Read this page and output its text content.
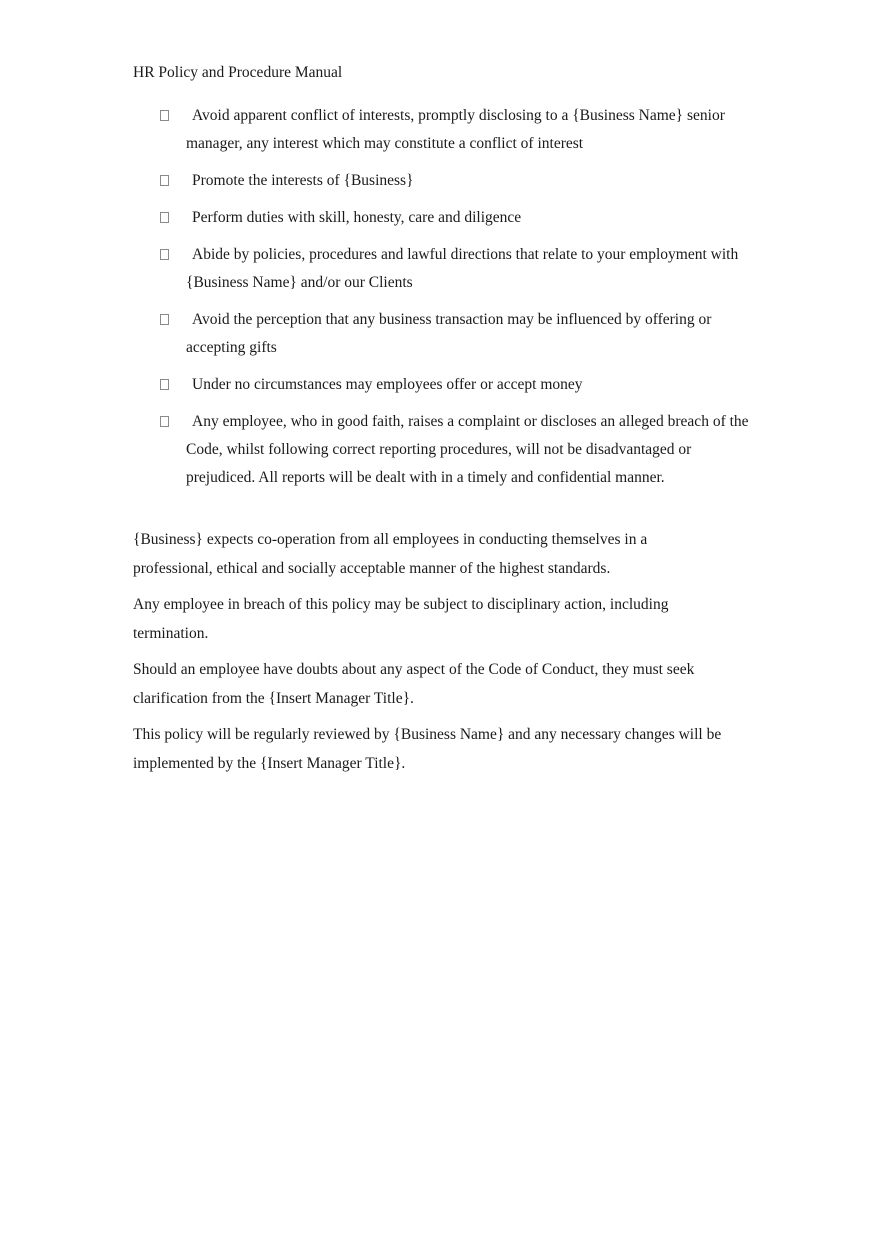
HR Policy and Procedure Manual
Avoid apparent conflict of interests, promptly disclosing to a {Business Name} senior manager, any interest which may constitute a conflict of interest
Promote the interests of {Business}
Perform duties with skill, honesty, care and diligence
Abide by policies, procedures and lawful directions that relate to your employment with {Business Name} and/or our Clients
Avoid the perception that any business transaction may be influenced by offering or accepting gifts
Under no circumstances may employees offer or accept money
Any employee, who in good faith, raises a complaint or discloses an alleged breach of the Code, whilst following correct reporting procedures, will not be disadvantaged or prejudiced. All reports will be dealt with in a timely and confidential manner.

{Business} expects co-operation from all employees in conducting themselves in a professional, ethical and socially acceptable manner of the highest standards.

Any employee in breach of this policy may be subject to disciplinary action, including termination.

Should an employee have doubts about any aspect of the Code of Conduct, they must seek clarification from the {Insert Manager Title}.

This policy will be regularly reviewed by {Business Name} and any necessary changes will be implemented by the {Insert Manager Title}.
